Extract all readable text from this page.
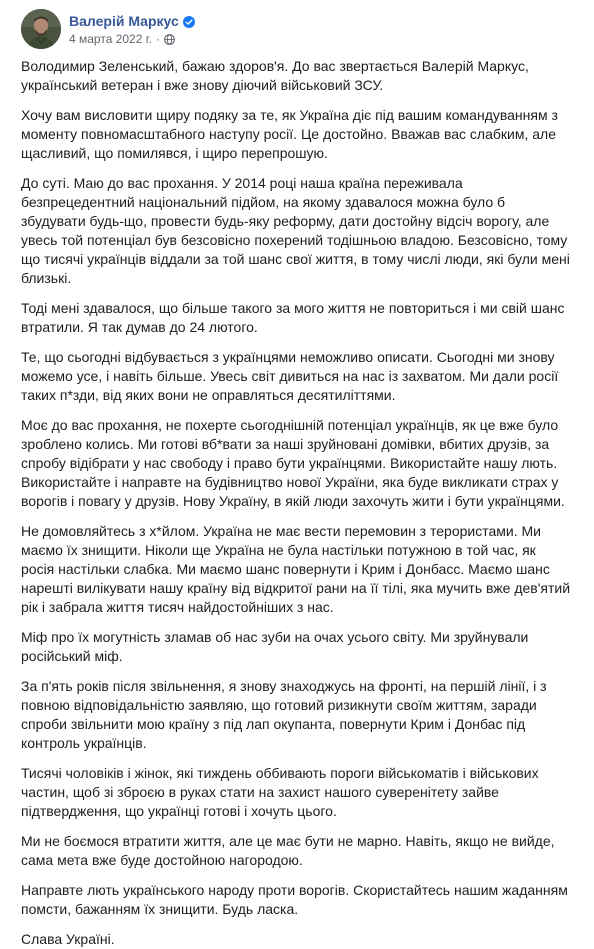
Валерій Маркус
4 марта 2022 г. ·

Володимир Зеленський, бажаю здоров'я. До вас звертається Валерій Маркус, український ветеран і вже знову діючий військовий ЗСУ.

Хочу вам висловити щиру подяку за те, як Україна діє під вашим командуванням з моменту повномасштабного наступу росії. Це достойно. Вважав вас слабким, але щасливий, що помилявся, і щиро перепрошую.

До суті. Маю до вас прохання. У 2014 році наша країна переживала безпрецедентний національний підйом, на якому здавалося можна було б збудувати будь-що, провести будь-яку реформу, дати достойну відсіч ворогу, але увесь той потенціал був безсовісно похерений тодішньою владою. Безсовісно, тому що тисячі українців віддали за той шанс свої життя, в тому числі люди, які були мені близькі.

Тоді мені здавалося, що більше такого за мого життя не повториться і ми свій шанс втратили. Я так думав до 24 лютого.

Те, що сьогодні відбувається з українцями неможливо описати. Сьогодні ми знову можемо усе, і навіть більше. Увесь світ дивиться на нас із захватом. Ми дали росії таких п*зди, від яких вони не оправляться десятиліттями.

Моє до вас прохання, не похерте сьогоднішній потенціал українців, як це вже було зроблено колись. Ми готові вб*вати за наші зруйновані домівки, вбитих друзів, за спробу відібрати у нас свободу і право бути українцями. Використайте нашу лють. Використайте і направте на будівництво нової України, яка буде викликати страх у ворогів і повагу у друзів. Нову Україну, в якій люди захочуть жити і бути українцями.

Не домовляйтесь з х*йлом. Україна не має вести перемовин з терористами. Ми маємо їх знищити. Ніколи ще Україна не була настільки потужною в той час, як росія настільки слабка. Ми маємо шанс повернути і Крим і Донбасс. Маємо шанс нарешті вилікувати нашу країну від відкритої рани на її тілі, яка мучить вже дев'ятий рік і забрала життя тисяч найдостойніших з нас.

Міф про їх могутність зламав об нас зуби на очах усього світу. Ми зруйнували російський міф.

За п'ять років після звільнення, я знову знаходжусь на фронті, на першій лінії, і з повною відповідальністю заявляю, що готовий ризикнути своїм життям, заради спроби звільнити мою країну з під лап окупанта, повернути Крим і Донбас під контроль українців.

Тисячі чоловіків і жінок, які тиждень оббивають пороги військоматів і військових частин, щоб зі зброєю в руках стати на захист нашого суверенітету зайве підтвердження, що українці готові і хочуть цього.

Ми не боємося втратити життя, але це має бути не марно. Навіть, якщо не вийде, сама мета вже буде достойною нагородою.

Направте лють українського народу проти ворогів. Скористайтесь нашим жаданням помсти, бажанням їх знищити. Будь ласка.

Слава Україні.
